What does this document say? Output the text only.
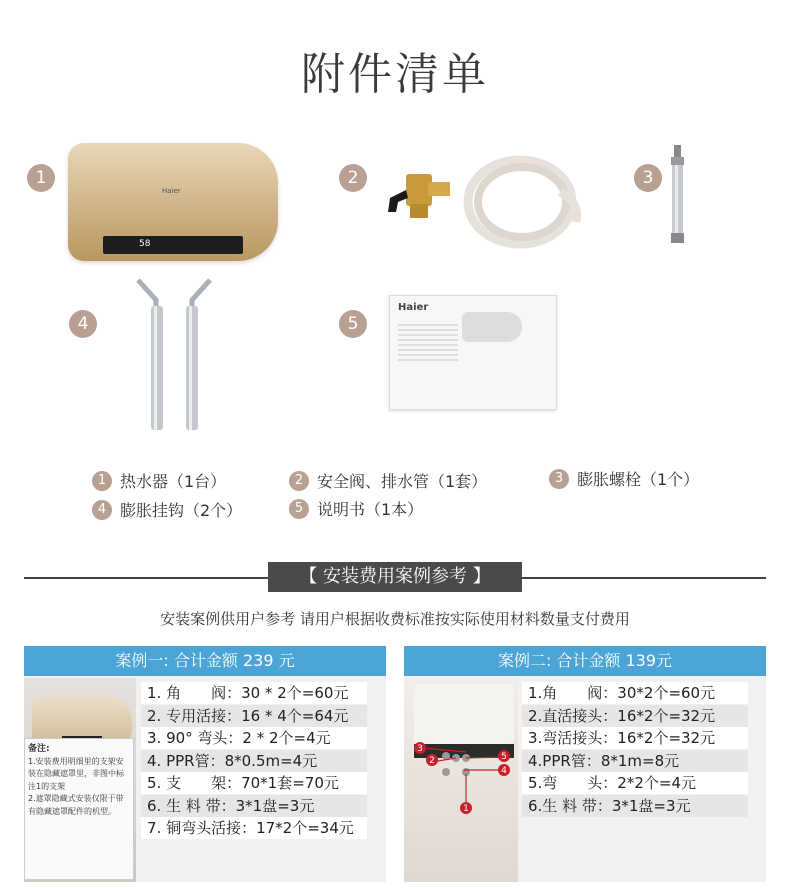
附件清单
1
Haier
58
2	3
4	5
Haier
1 热水器（1台）	2 安全阀、排水管（1套）	3 膨胀螺栓（1个）
4 膨胀挂钩（2个）	5 说明书（1本）
【 安装费用案例参考 】
安装案例供用户参考 请用户根据收费标准按实际使用材料数量支付费用
案例一: 合计金额 239 元
备注:
1.安装费用明细里的支架安装在隐藏遮罩里，非图中标注1的支架
2.遮罩隐藏式安装仅限于带有隐藏遮罩配件的机型。
1. 角　　阀：30 * 2个=60元
2. 专用活接：16 * 4个=64元
3. 90° 弯头：2 * 2个=4元
4. PPR管：8*0.5m=4元
5. 支　　架：70*1套=70元
6. 生 料 带：3*1盘=3元
7. 铜弯头活接：17*2个=34元
案例二: 合计金额 139元
3
2	5
4
1
1.角　　阀：30*2个=60元
2.直活接头：16*2个=32元
3.弯活接头：16*2个=32元
4.PPR管：8*1m=8元
5.弯　　头：2*2个=4元
6.生 料 带：3*1盘=3元
